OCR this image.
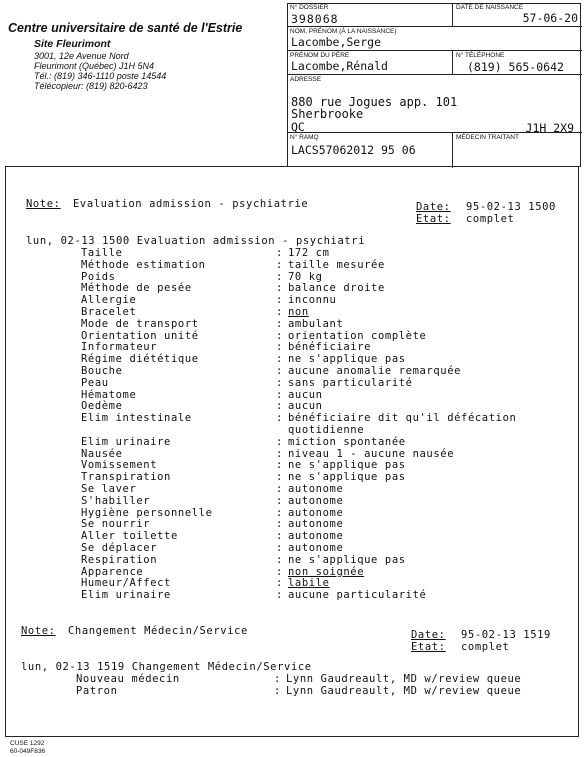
Centre universitaire de santé de l'Estrie
Site Fleurimont
3001, 12e Avenue Nord
Fleurimont (Québec) J1H 5N4
Tél.: (819) 346-1110 poste 14544
Télécopieur: (819) 820-6423
N° DOSSIER
398068
DATE DE NAISSANCE
57-06-20
NOM, PRÉNOM (À LA NAISSANCE)
Lacombe,Serge
PRÉNOM DU PÈRE
Lacombe,Rénald
N° TÉLÉPHONE
(819) 565-0642
ADRESSE
880 rue Jogues app. 101
Sherbrooke
QC	J1H 2X9
N° RAMQ
LACS57062012 95 06
MÉDECIN TRAITANT
Note: Evaluation admission - psychiatrie	Date: 95-02-13 1500
Etat: complet
lun, 02-13 1500 Evaluation admission - psychiatri
Taille	: 172 cm
Méthode estimation	: taille mesurée
Poids	: 70 kg
Méthode de pesée	: balance droite
Allergie	: inconnu
Bracelet	: non
Mode de transport	: ambulant
Orientation unité	: orientation complète
Informateur	: bénéficiaire
Régime diététique	: ne s'applique pas
Bouche	: aucune anomalie remarquée
Peau	: sans particularité
Hématome	: aucun
Oedème	: aucun
Elim intestinale	: bénéficiaire dit qu'il défécation
quotidienne
Elim urinaire	: miction spontanée
Nausée	: niveau 1 - aucune nausée
Vomissement	: ne s'applique pas
Transpiration	: ne s'applique pas
Se laver	: autonome
S'habiller	: autonome
Hygiène personnelle	: autonome
Se nourrir	: autonome
Aller toilette	: autonome
Se déplacer	: autonome
Respiration	: ne s'applique pas
Apparence	: non soignée
Humeur/Affect	: labile
Elim urinaire	: aucune particularité
Note: Changement Médecin/Service	Date: 95-02-13 1519
Etat: complet
lun, 02-13 1519 Changement Médecin/Service
Nouveau médecin	: Lynn Gaudreault, MD w/review queue
Patron	: Lynn Gaudreault, MD w/review queue
CUSE 1292
60-049F836
